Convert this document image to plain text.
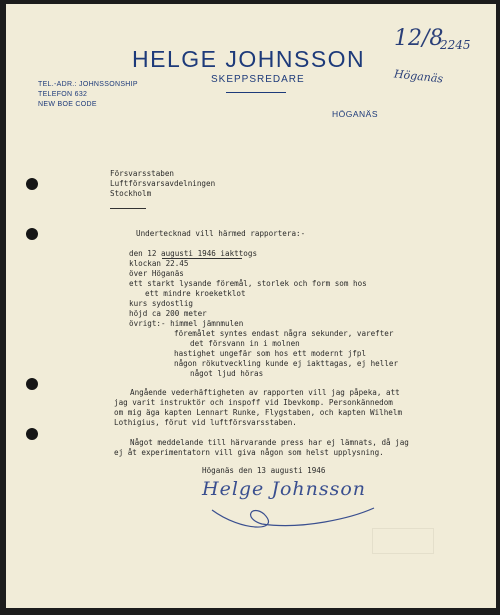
HELGE JOHNSSON
SKEPPSREDARE
TEL.-ADR.: JOHNSSONSHIP
TELEFON 632
NEW BOE CODE
HÖGANÄS
12/8
2245
Höganäs
Försvarsstaben
Luftförsvarsavdelningen
Stockholm
Undertecknad vill härmed rapportera:-
den 12 augusti 1946 iakttogs
klockan 22.45
över Höganäs
ett starkt lysande föremål, storlek och form som hos
ett mindre kroeketklot
kurs sydostlig
höjd ca 200 meter
övrigt:- himmel jämnmulen
föremålet syntes endast några sekunder, varefter
det försvann in i molnen
hastighet ungefär som hos ett modernt jfpl
någon rökutveckling kunde ej iakttagas, ej heller
något ljud höras
Angående vederhäftigheten av rapporten vill jag påpeka, att
jag varit instruktör och inspoff vid Ibevkomp. Personkännedom
om mig äga kapten Lennart Runke, Flygstaben, och kapten Wilhelm
Lothigius, förut vid luftförsvarsstaben.
Något meddelande till härvarande press har ej lämnats, då jag
ej åt experimentatorn vill giva någon som helst upplysning.
Höganäs den 13 augusti 1946
Helge Johnsson
